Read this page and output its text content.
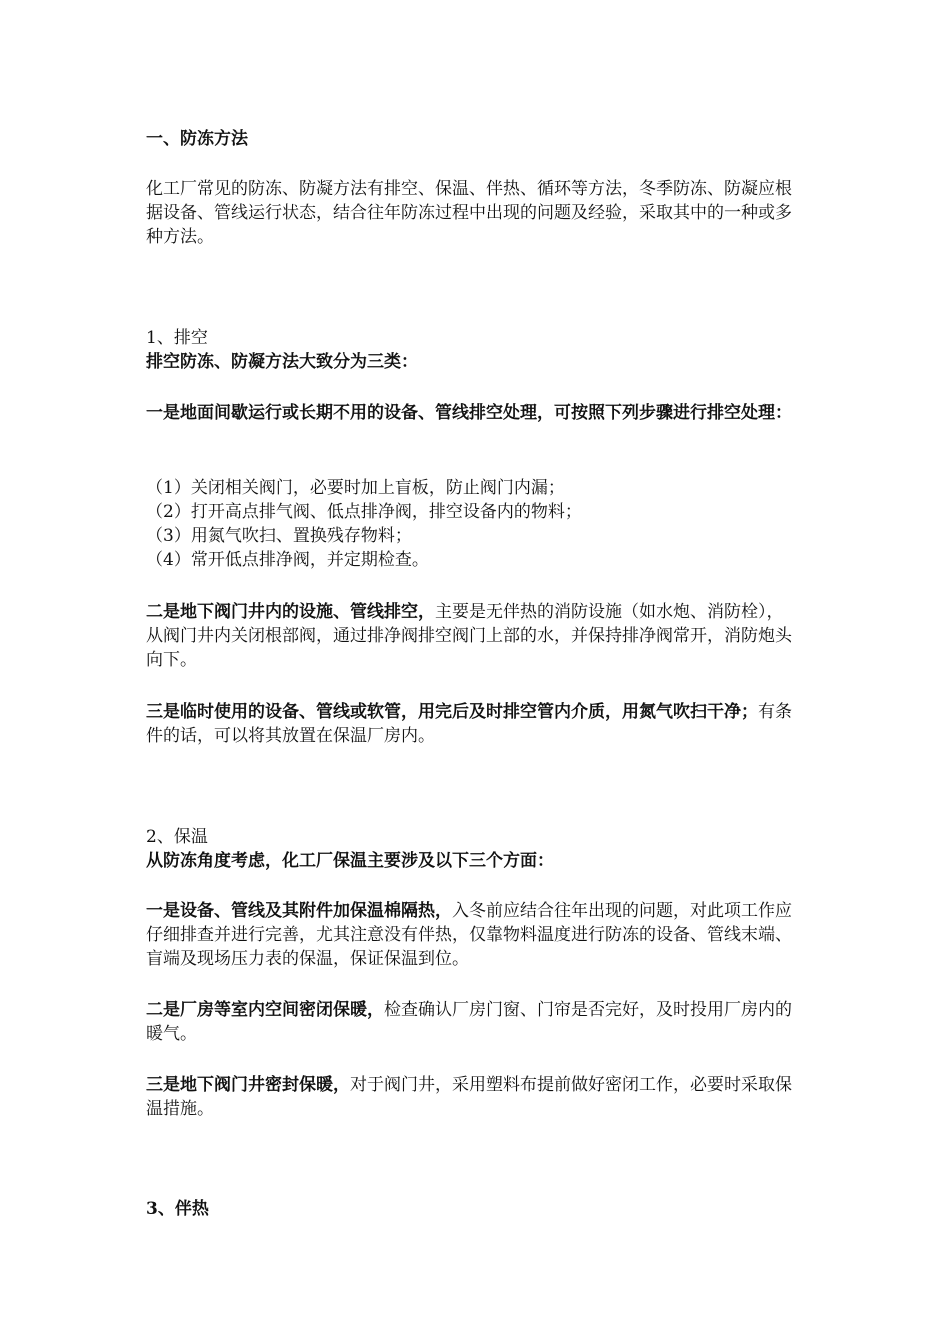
一、防冻方法
化工厂常见的防冻、防凝方法有排空、保温、伴热、循环等方法，冬季防冻、防凝应根据设备、管线运行状态，结合往年防冻过程中出现的问题及经验，采取其中的一种或多种方法。
1、排空
排空防冻、防凝方法大致分为三类：
一是地面间歇运行或长期不用的设备、管线排空处理，可按照下列步骤进行排空处理：
（1）关闭相关阀门，必要时加上盲板，防止阀门内漏；
（2）打开高点排气阀、低点排净阀，排空设备内的物料；
（3）用氮气吹扫、置换残存物料；
（4）常开低点排净阀，并定期检查。
二是地下阀门井内的设施、管线排空，主要是无伴热的消防设施（如水炮、消防栓），从阀门井内关闭根部阀，通过排净阀排空阀门上部的水，并保持排净阀常开，消防炮头向下。
三是临时使用的设备、管线或软管，用完后及时排空管内介质，用氮气吹扫干净；有条件的话，可以将其放置在保温厂房内。
2、保温
从防冻角度考虑，化工厂保温主要涉及以下三个方面：
一是设备、管线及其附件加保温棉隔热，入冬前应结合往年出现的问题，对此项工作应仔细排查并进行完善，尤其注意没有伴热，仅靠物料温度进行防冻的设备、管线末端、盲端及现场压力表的保温，保证保温到位。
二是厂房等室内空间密闭保暖，检查确认厂房门窗、门帘是否完好，及时投用厂房内的暖气。
三是地下阀门井密封保暖，对于阀门井，采用塑料布提前做好密闭工作，必要时采取保温措施。
3、伴热
